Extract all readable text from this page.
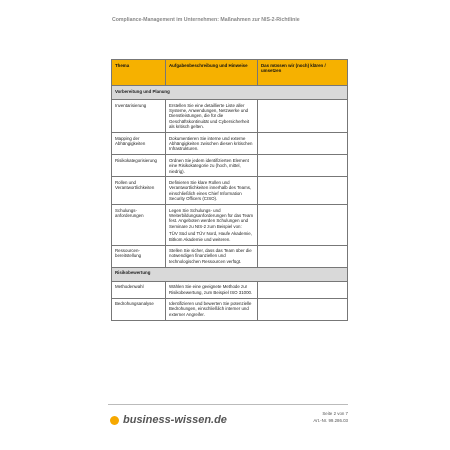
Compliance-Management im Unternehmen: Maßnahmen zur NIS-2-Richtlinie
Thema	Aufgabenbeschreibung und Hinweise	Das müssen wir (noch) klären / umsetzen
Vorbereitung und Planung		
Inventarisierung	Erstellen Sie eine detaillierte Liste aller Systeme, Anwendungen, Netzwerke und Dienstleistungen, die für die Geschäftskontinuität und Cybersicherheit als kritisch gelten.	

Mapping der Abhängigkeiten	Dokumentieren Sie interne und externe Abhängigkeiten zwischen diesen kritischen Infrastrukturen.	

Risikokategorisierung	Ordnen Sie jedem identifizierten Element eine Risikokategorie zu (hoch, mittel, niedrig).	

Rollen und Verantwortlichkeiten	Definieren Sie klare Rollen und Verantwortlichkeiten innerhalb des Teams, einschließlich eines Chief Information Security Officers (CISO).	

Schulungs- anforderungen	Legen Sie Schulungs- und Weiterbildungsanforderungen für das Team fest. Angeboten werden Schulungen und Seminare zu NIS-2 zum Beispiel von:

TÜV Süd und TÜV Nord, Haufe Akademie, Bitkom Akademie und weiteren.	

Ressourcen- bereitstellung	Stellen Sie sicher, dass das Team über die notwendigen finanziellen und technologischen Ressourcen verfügt.	

Risikobewertung		
Methodenwahl	Wählen Sie eine geeignete Methode zur Risikobewertung, zum Beispiel ISO 31000.	

Bedrohungsanalyse	Identifizieren und bewerten Sie potenzielle Bedrohungen, einschließlich interner und externer Angreifer.	

business-wissen.de
Seite 2 von 7
Art.-Nr. 99.286.03
